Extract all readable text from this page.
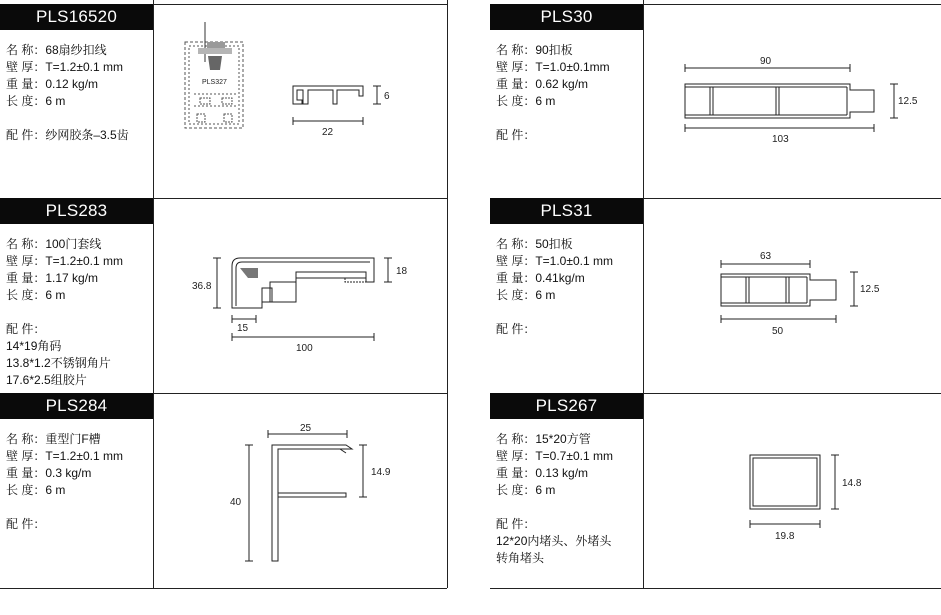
PLS16520
名 称：68扇纱扣线
壁 厚：T=1.2±0.1 mm
重 量：0.12 kg/m
长 度：6 m
配 件：纱网胶条–3.5齿
PLS327
6
22
PLS30
名 称：90扣板
壁 厚：T=1.0±0.1mm
重 量：0.62 kg/m
长 度：6 m
配 件：
90
12.5
103
PLS283
名 称：100门套线
壁 厚：T=1.2±0.1 mm
重 量：1.17 kg/m
长 度：6 m
配 件：
14*19角码
13.8*1.2不锈钢角片
17.6*2.5组胶片
36.8
18
15
100
PLS31
名 称：50扣板
壁 厚：T=1.0±0.1 mm
重 量：0.41kg/m
长 度：6 m
配 件：
63
12.5
50
PLS284
名 称：重型门F槽
壁 厚：T=1.2±0.1 mm
重 量：0.3 kg/m
长 度：6 m
配 件：
25
14.9
40
PLS267
名 称：15*20方管
壁 厚：T=0.7±0.1 mm
重 量：0.13 kg/m
长 度：6 m
配 件：
12*20内堵头、外堵头
转角堵头
14.8
19.8
